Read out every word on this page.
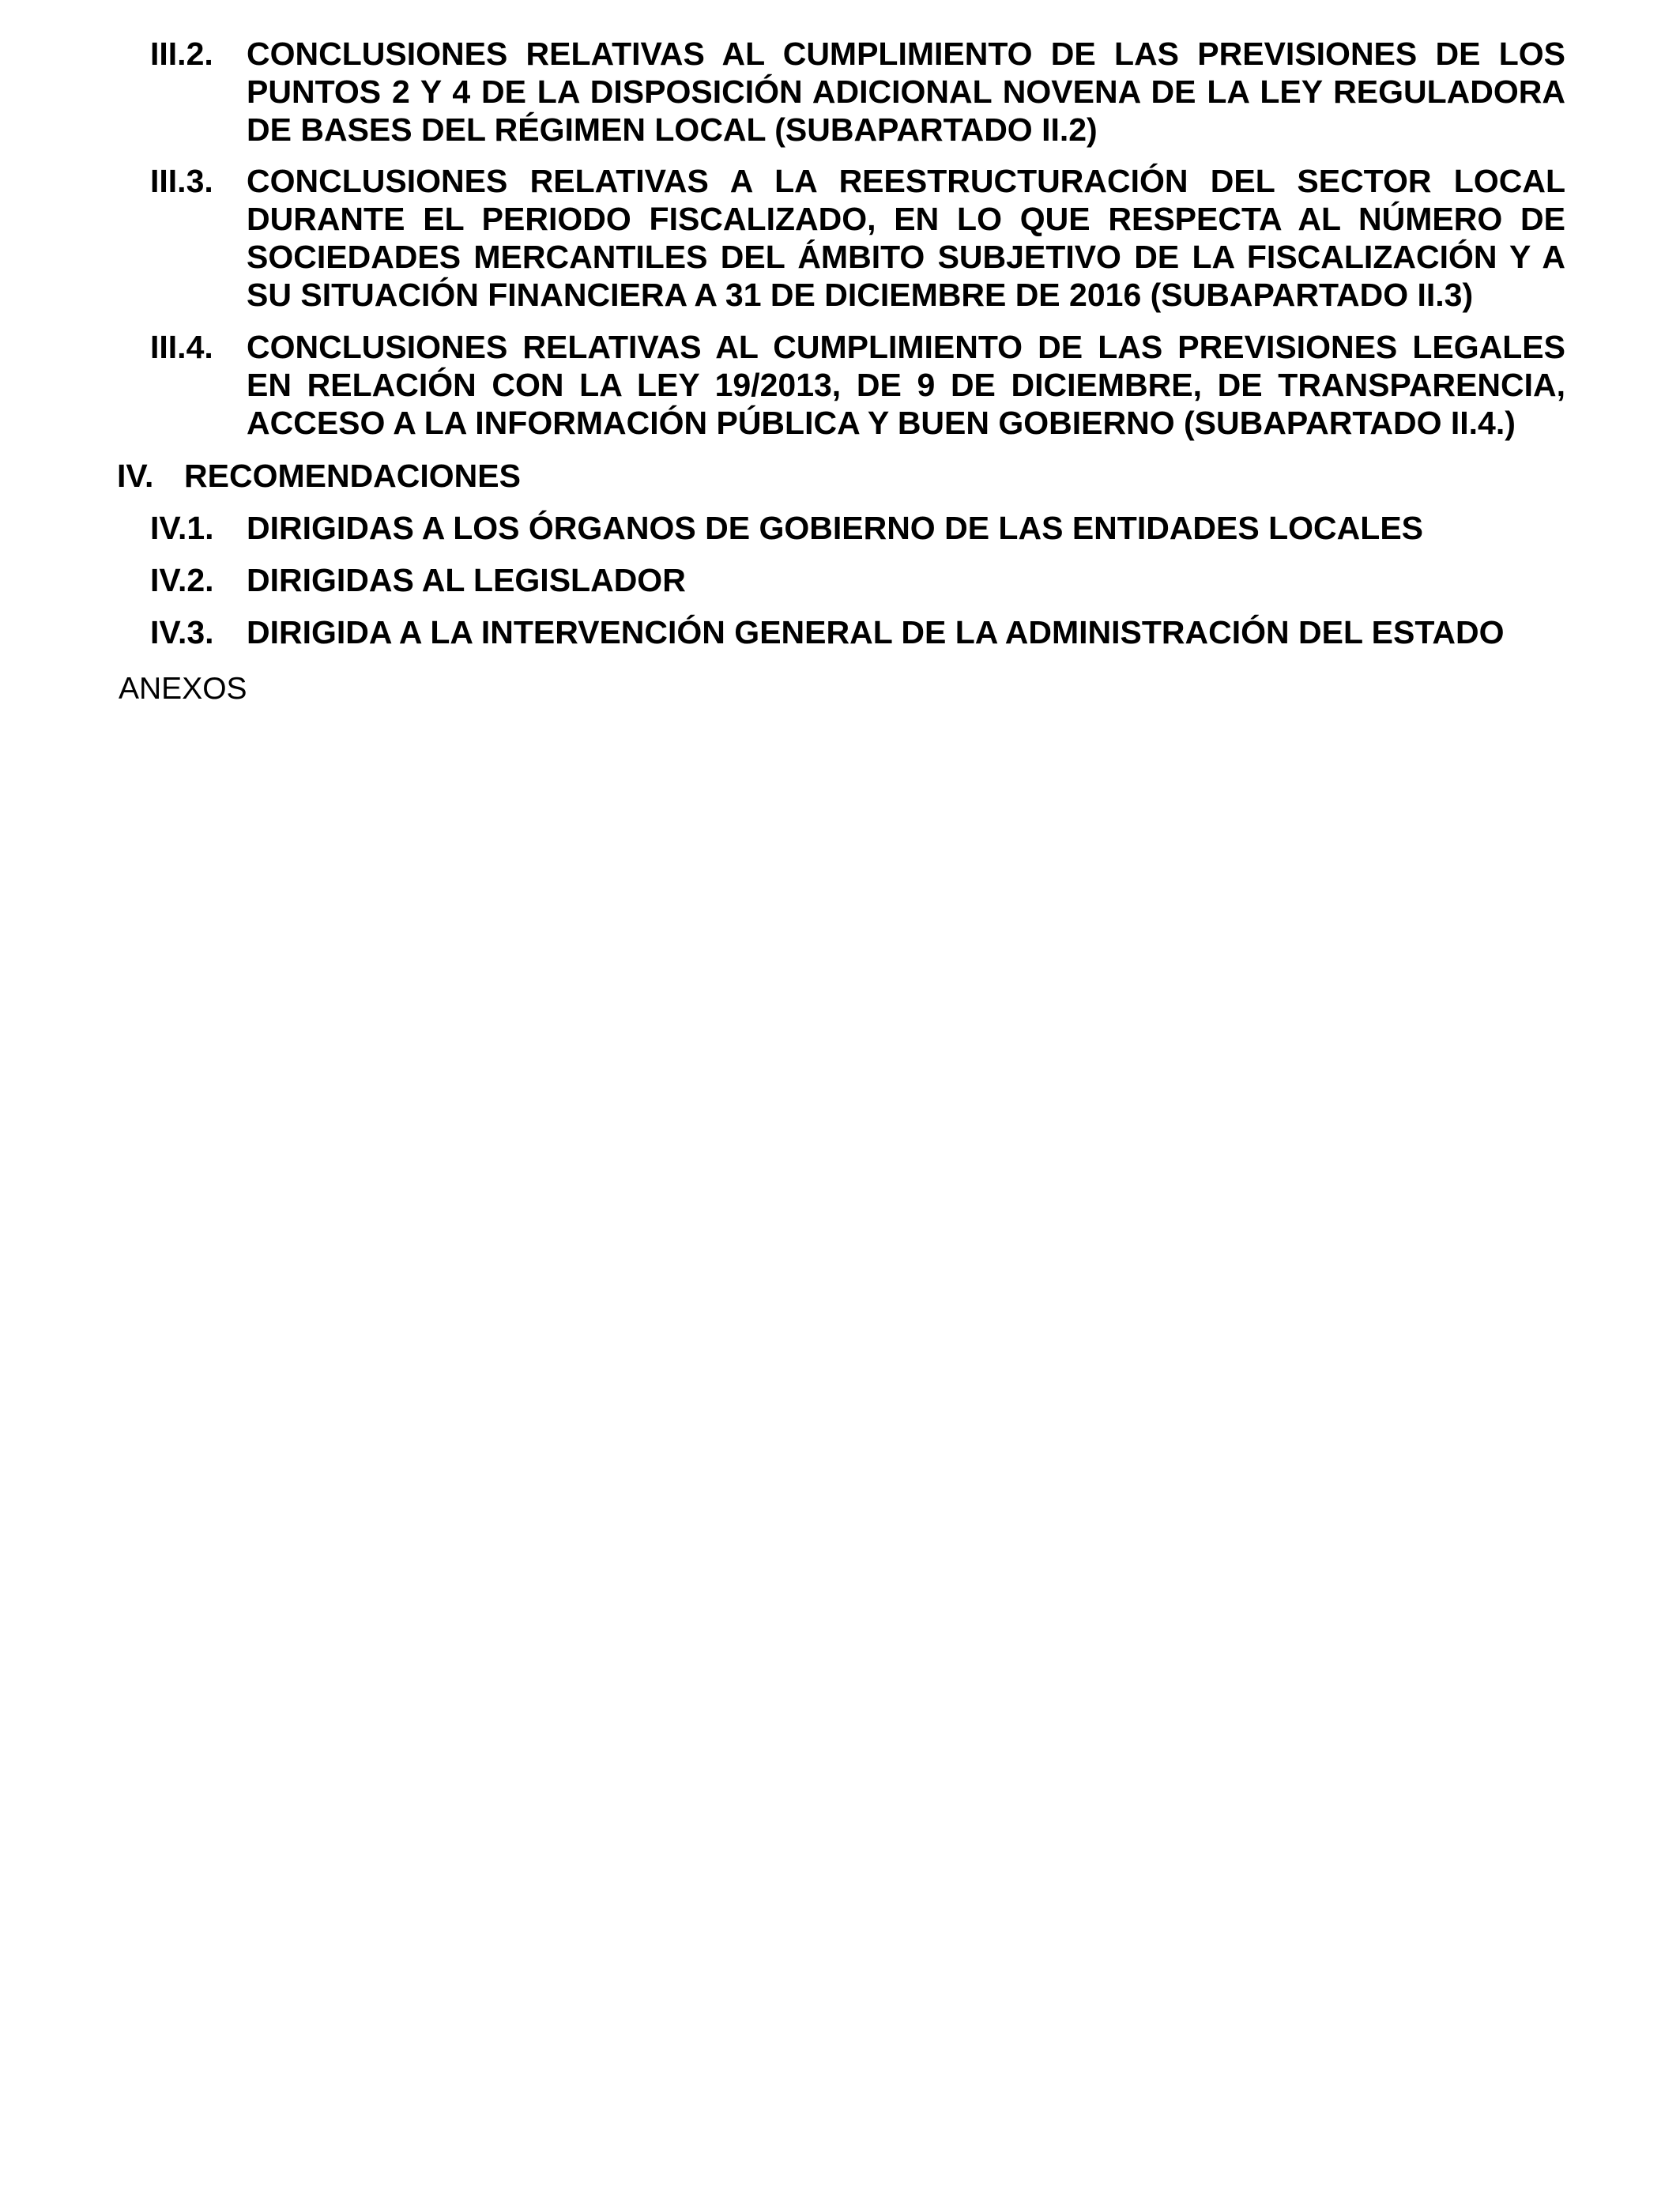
III.2.	CONCLUSIONES RELATIVAS AL CUMPLIMIENTO DE LAS PREVISIONES DE LOS PUNTOS 2 Y 4 DE LA DISPOSICIÓN ADICIONAL NOVENA DE LA LEY REGULADORA DE BASES DEL RÉGIMEN LOCAL (SUBAPARTADO II.2)
III.3.	CONCLUSIONES RELATIVAS A LA REESTRUCTURACIÓN DEL SECTOR LOCAL DURANTE EL PERIODO FISCALIZADO, EN LO QUE RESPECTA AL NÚMERO DE SOCIEDADES MERCANTILES DEL ÁMBITO SUBJETIVO DE LA FISCALIZACIÓN Y A SU SITUACIÓN FINANCIERA A 31 DE DICIEMBRE DE 2016 (SUBAPARTADO II.3)
III.4.	CONCLUSIONES RELATIVAS AL CUMPLIMIENTO DE LAS PREVISIONES LEGALES EN RELACIÓN CON LA LEY 19/2013, DE 9 DE DICIEMBRE, DE TRANSPARENCIA, ACCESO A LA INFORMACIÓN PÚBLICA Y BUEN GOBIERNO (SUBAPARTADO II.4.)
IV. RECOMENDACIONES
IV.1.	DIRIGIDAS A LOS ÓRGANOS DE GOBIERNO DE LAS ENTIDADES LOCALES
IV.2.	DIRIGIDAS AL LEGISLADOR
IV.3.	DIRIGIDA A LA INTERVENCIÓN GENERAL DE LA ADMINISTRACIÓN DEL ESTADO
ANEXOS
